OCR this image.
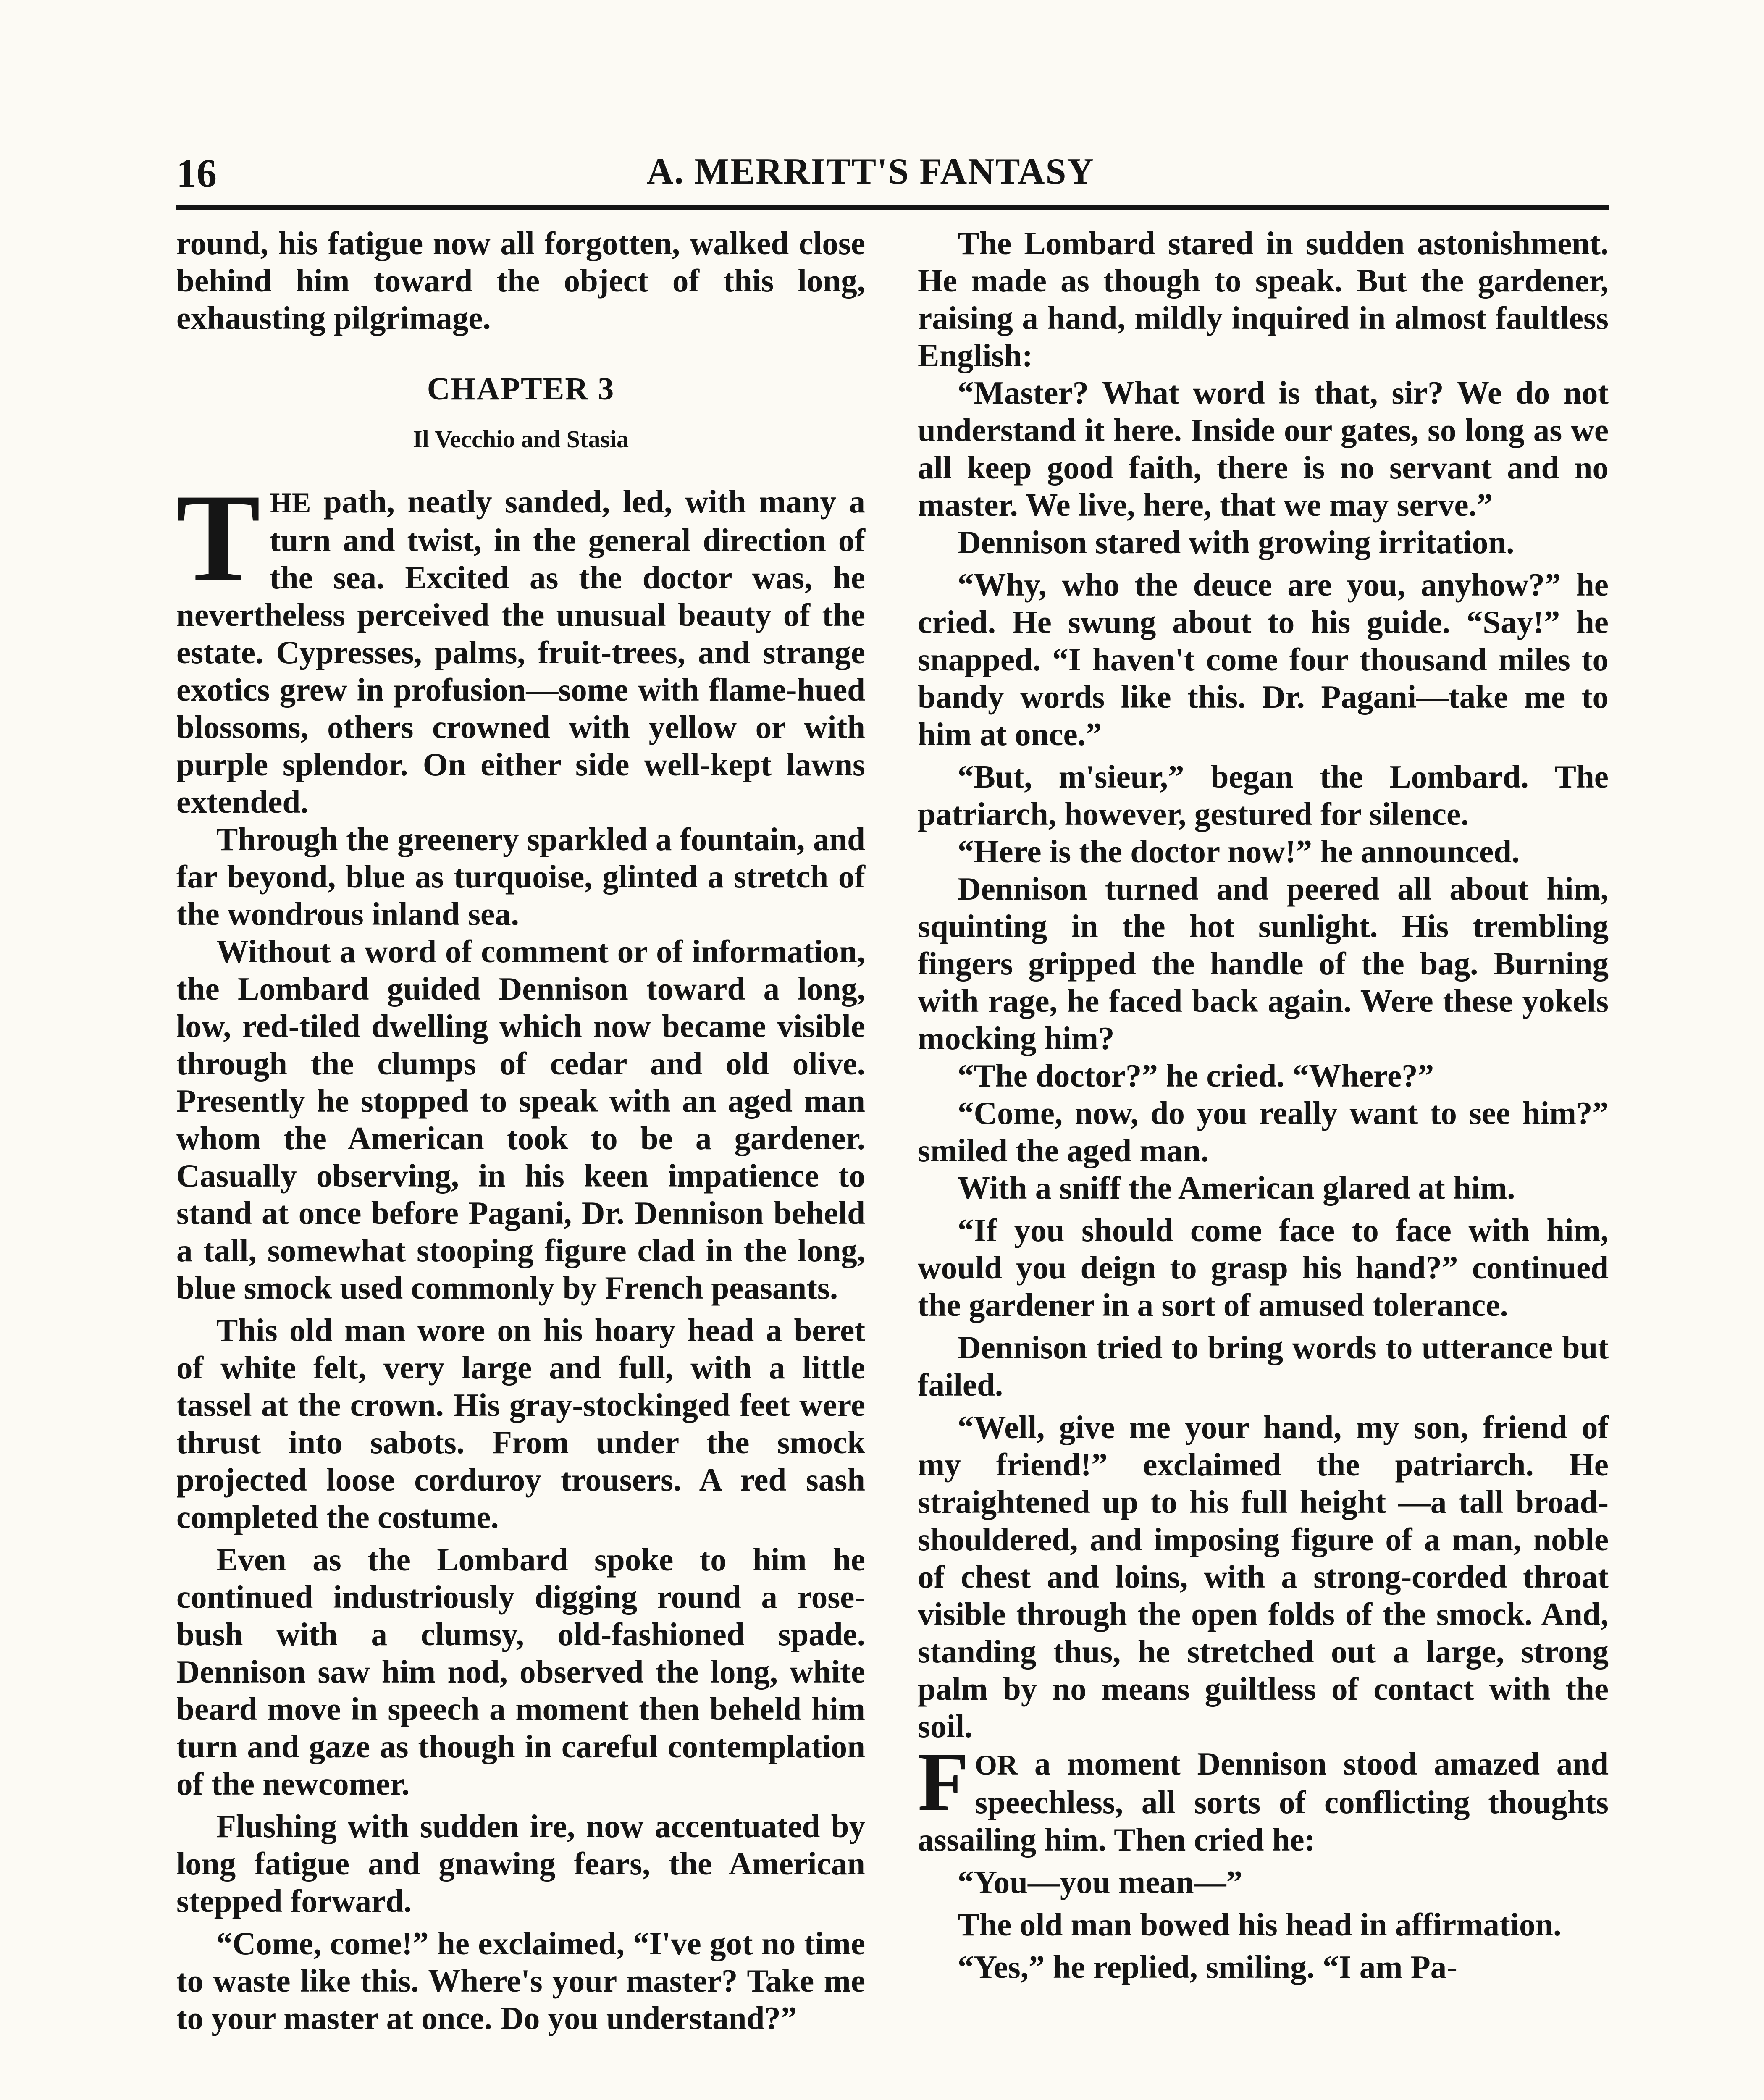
16	A. MERRITT'S FANTASY

round, his fatigue now all forgotten, walked close behind him toward the object of this long, exhausting pilgrimage.

CHAPTER 3
Il Vecchio and Stasia

THE path, neatly sanded, led, with many a turn and twist, in the general direction of the sea. Excited as the doctor was, he nevertheless perceived the unusual beauty of the estate. Cypresses, palms, fruit-trees, and strange exotics grew in profusion—some with flame-hued blossoms, others crowned with yellow or with purple splendor. On either side well-kept lawns extended.

Through the greenery sparkled a fountain, and far beyond, blue as turquoise, glinted a stretch of the wondrous inland sea.

Without a word of comment or of information, the Lombard guided Dennison toward a long, low, red-tiled dwelling which now became visible through the clumps of cedar and old olive. Presently he stopped to speak with an aged man whom the American took to be a gardener. Casually observing, in his keen impatience to stand at once before Pagani, Dr. Dennison beheld a tall, somewhat stooping figure clad in the long, blue smock used commonly by French peasants.

This old man wore on his hoary head a beret of white felt, very large and full, with a little tassel at the crown. His gray-stockinged feet were thrust into sabots. From under the smock projected loose corduroy trousers. A red sash completed the costume.

Even as the Lombard spoke to him he continued industriously digging round a rose-bush with a clumsy, old-fashioned spade. Dennison saw him nod, observed the long, white beard move in speech a moment then beheld him turn and gaze as though in careful contemplation of the newcomer.

Flushing with sudden ire, now accentuated by long fatigue and gnawing fears, the American stepped forward.

“Come, come!” he exclaimed, “I've got no time to waste like this. Where's your master? Take me to your master at once. Do you understand?”

The Lombard stared in sudden astonishment. He made as though to speak. But the gardener, raising a hand, mildly inquired in almost faultless English:

“Master? What word is that, sir? We do not understand it here. Inside our gates, so long as we all keep good faith, there is no servant and no master. We live, here, that we may serve.”

Dennison stared with growing irritation.

“Why, who the deuce are you, anyhow?” he cried. He swung about to his guide. “Say!” he snapped. “I haven't come four thousand miles to bandy words like this. Dr. Pagani—take me to him at once.”

“But, m'sieur,” began the Lombard. The patriarch, however, gestured for silence.

“Here is the doctor now!” he announced.

Dennison turned and peered all about him, squinting in the hot sunlight. His trembling fingers gripped the handle of the bag. Burning with rage, he faced back again. Were these yokels mocking him?

“The doctor?” he cried. “Where?”

“Come, now, do you really want to see him?” smiled the aged man.

With a sniff the American glared at him.

“If you should come face to face with him, would you deign to grasp his hand?” continued the gardener in a sort of amused tolerance.

Dennison tried to bring words to utterance but failed.

“Well, give me your hand, my son, friend of my friend!” exclaimed the patriarch. He straightened up to his full height —a tall broad-shouldered, and imposing figure of a man, noble of chest and loins, with a strong-corded throat visible through the open folds of the smock. And, standing thus, he stretched out a large, strong palm by no means guiltless of contact with the soil.

FOR a moment Dennison stood amazed and speechless, all sorts of conflicting thoughts assailing him. Then cried he:

“You—you mean—”

The old man bowed his head in affirmation.

“Yes,” he replied, smiling. “I am Pa-
